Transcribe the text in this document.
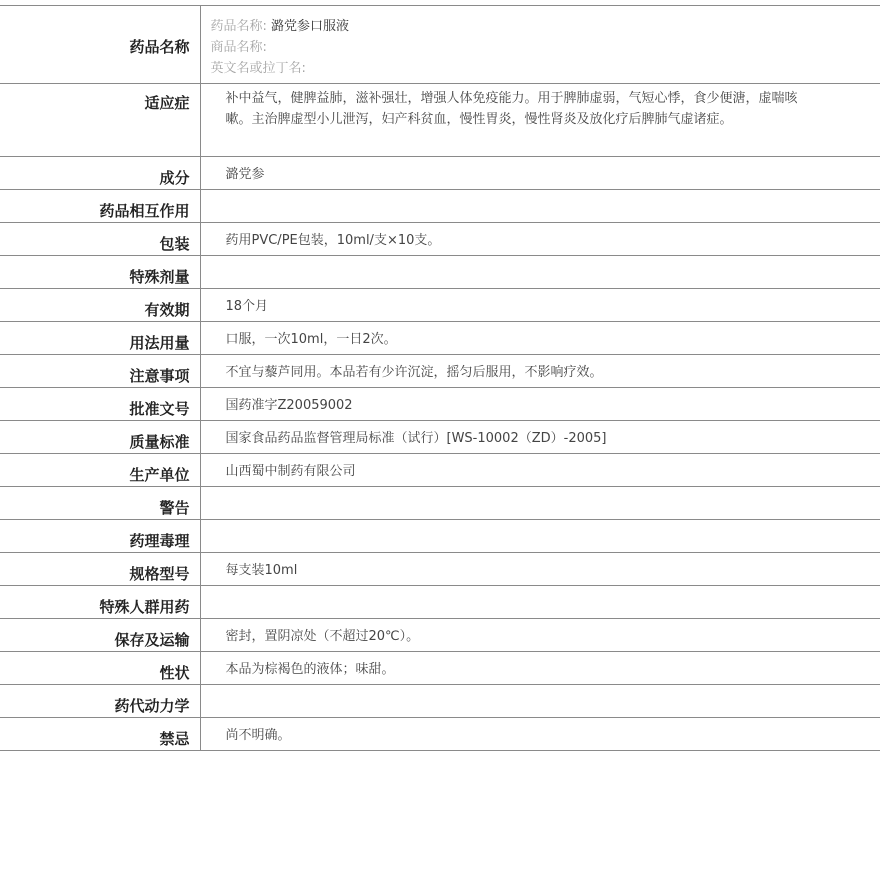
药品名称	药品名称: 潞党参口服液
商品名称:
英文名或拉丁名:

适应症	补中益气，健脾益肺，滋补强壮，增强人体免疫能力。用于脾肺虚弱，气短心悸，食少便溏，虚喘咳嗽。主治脾虚型小儿泄泻，妇产科贫血，慢性胃炎，慢性肾炎及放化疗后脾肺气虚诸症。
成分	潞党参
药品相互作用	
包装	药用PVC/PE包装，10ml/支×10支。
特殊剂量	
有效期	18个月
用法用量	口服，一次10ml，一日2次。
注意事项	不宜与藜芦同用。本品若有少许沉淀，摇匀后服用，不影响疗效。
批准文号	国药准字Z20059002
质量标准	国家食品药品监督管理局标准（试行）[WS-10002（ZD）-2005]
生产单位	山西蜀中制药有限公司
警告	
药理毒理	
规格型号	每支装10ml
特殊人群用药	
保存及运输	密封，置阴凉处（不超过20℃）。
性状	本品为棕褐色的液体；味甜。
药代动力学	
禁忌	尚不明确。
